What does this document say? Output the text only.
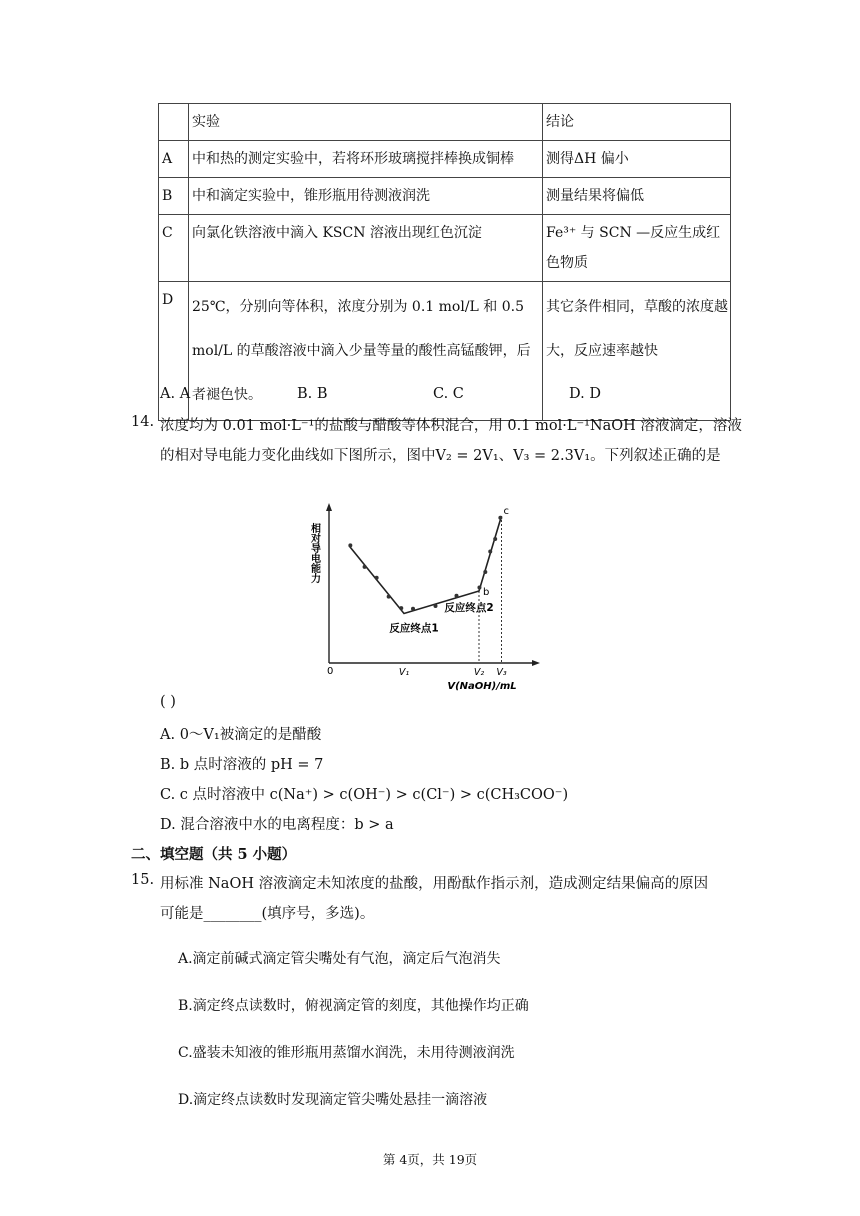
	实验	结论
A	中和热的测定实验中，若将环形玻璃搅拌棒换成铜棒	测得ΔH 偏小
B	中和滴定实验中，锥形瓶用待测液润洗	测量结果将偏低
C	向氯化铁溶液中滴入 KSCN 溶液出现红色沉淀	Fe³⁺ 与 SCN —反应生成红色物质
D	25℃，分别向等体积，浓度分别为 0.1 mol/L 和 0.5 mol/L 的草酸溶液中滴入少量等量的酸性高锰酸钾，后者褪色快。	其它条件相同，草酸的浓度越大，反应速率越快
A. A	B. B	C. C	D. D
14. 浓度均为 0.01 mol·L⁻¹的盐酸与醋酸等体积混合，用 0.1 mol·L⁻¹NaOH 溶液滴定，溶液
的相对导电能力变化曲线如下图所示，图中V₂ = 2V₁、V₃ = 2.3V₁。下列叙述正确的是
0
相对导电能力
V₁	V₂ V₃
V(NaOH)/mL
b
c
反应终点1
反应终点2
( )
A. 0～V₁被滴定的是醋酸
B. b 点时溶液的 pH = 7
C. c 点时溶液中 c(Na⁺) > c(OH⁻) > c(Cl⁻) > c(CH₃COO⁻)
D. 混合溶液中水的电离程度：b > a
二、填空题（共 5 小题）
15. 用标准 NaOH 溶液滴定未知浓度的盐酸，用酚酞作指示剂，造成测定结果偏高的原因
可能是________(填序号，多选)。
A.滴定前碱式滴定管尖嘴处有气泡，滴定后气泡消失
B.滴定终点读数时，俯视滴定管的刻度，其他操作均正确
C.盛装未知液的锥形瓶用蒸馏水润洗，未用待测液润洗
D.滴定终点读数时发现滴定管尖嘴处悬挂一滴溶液
第 4页，共 19页
